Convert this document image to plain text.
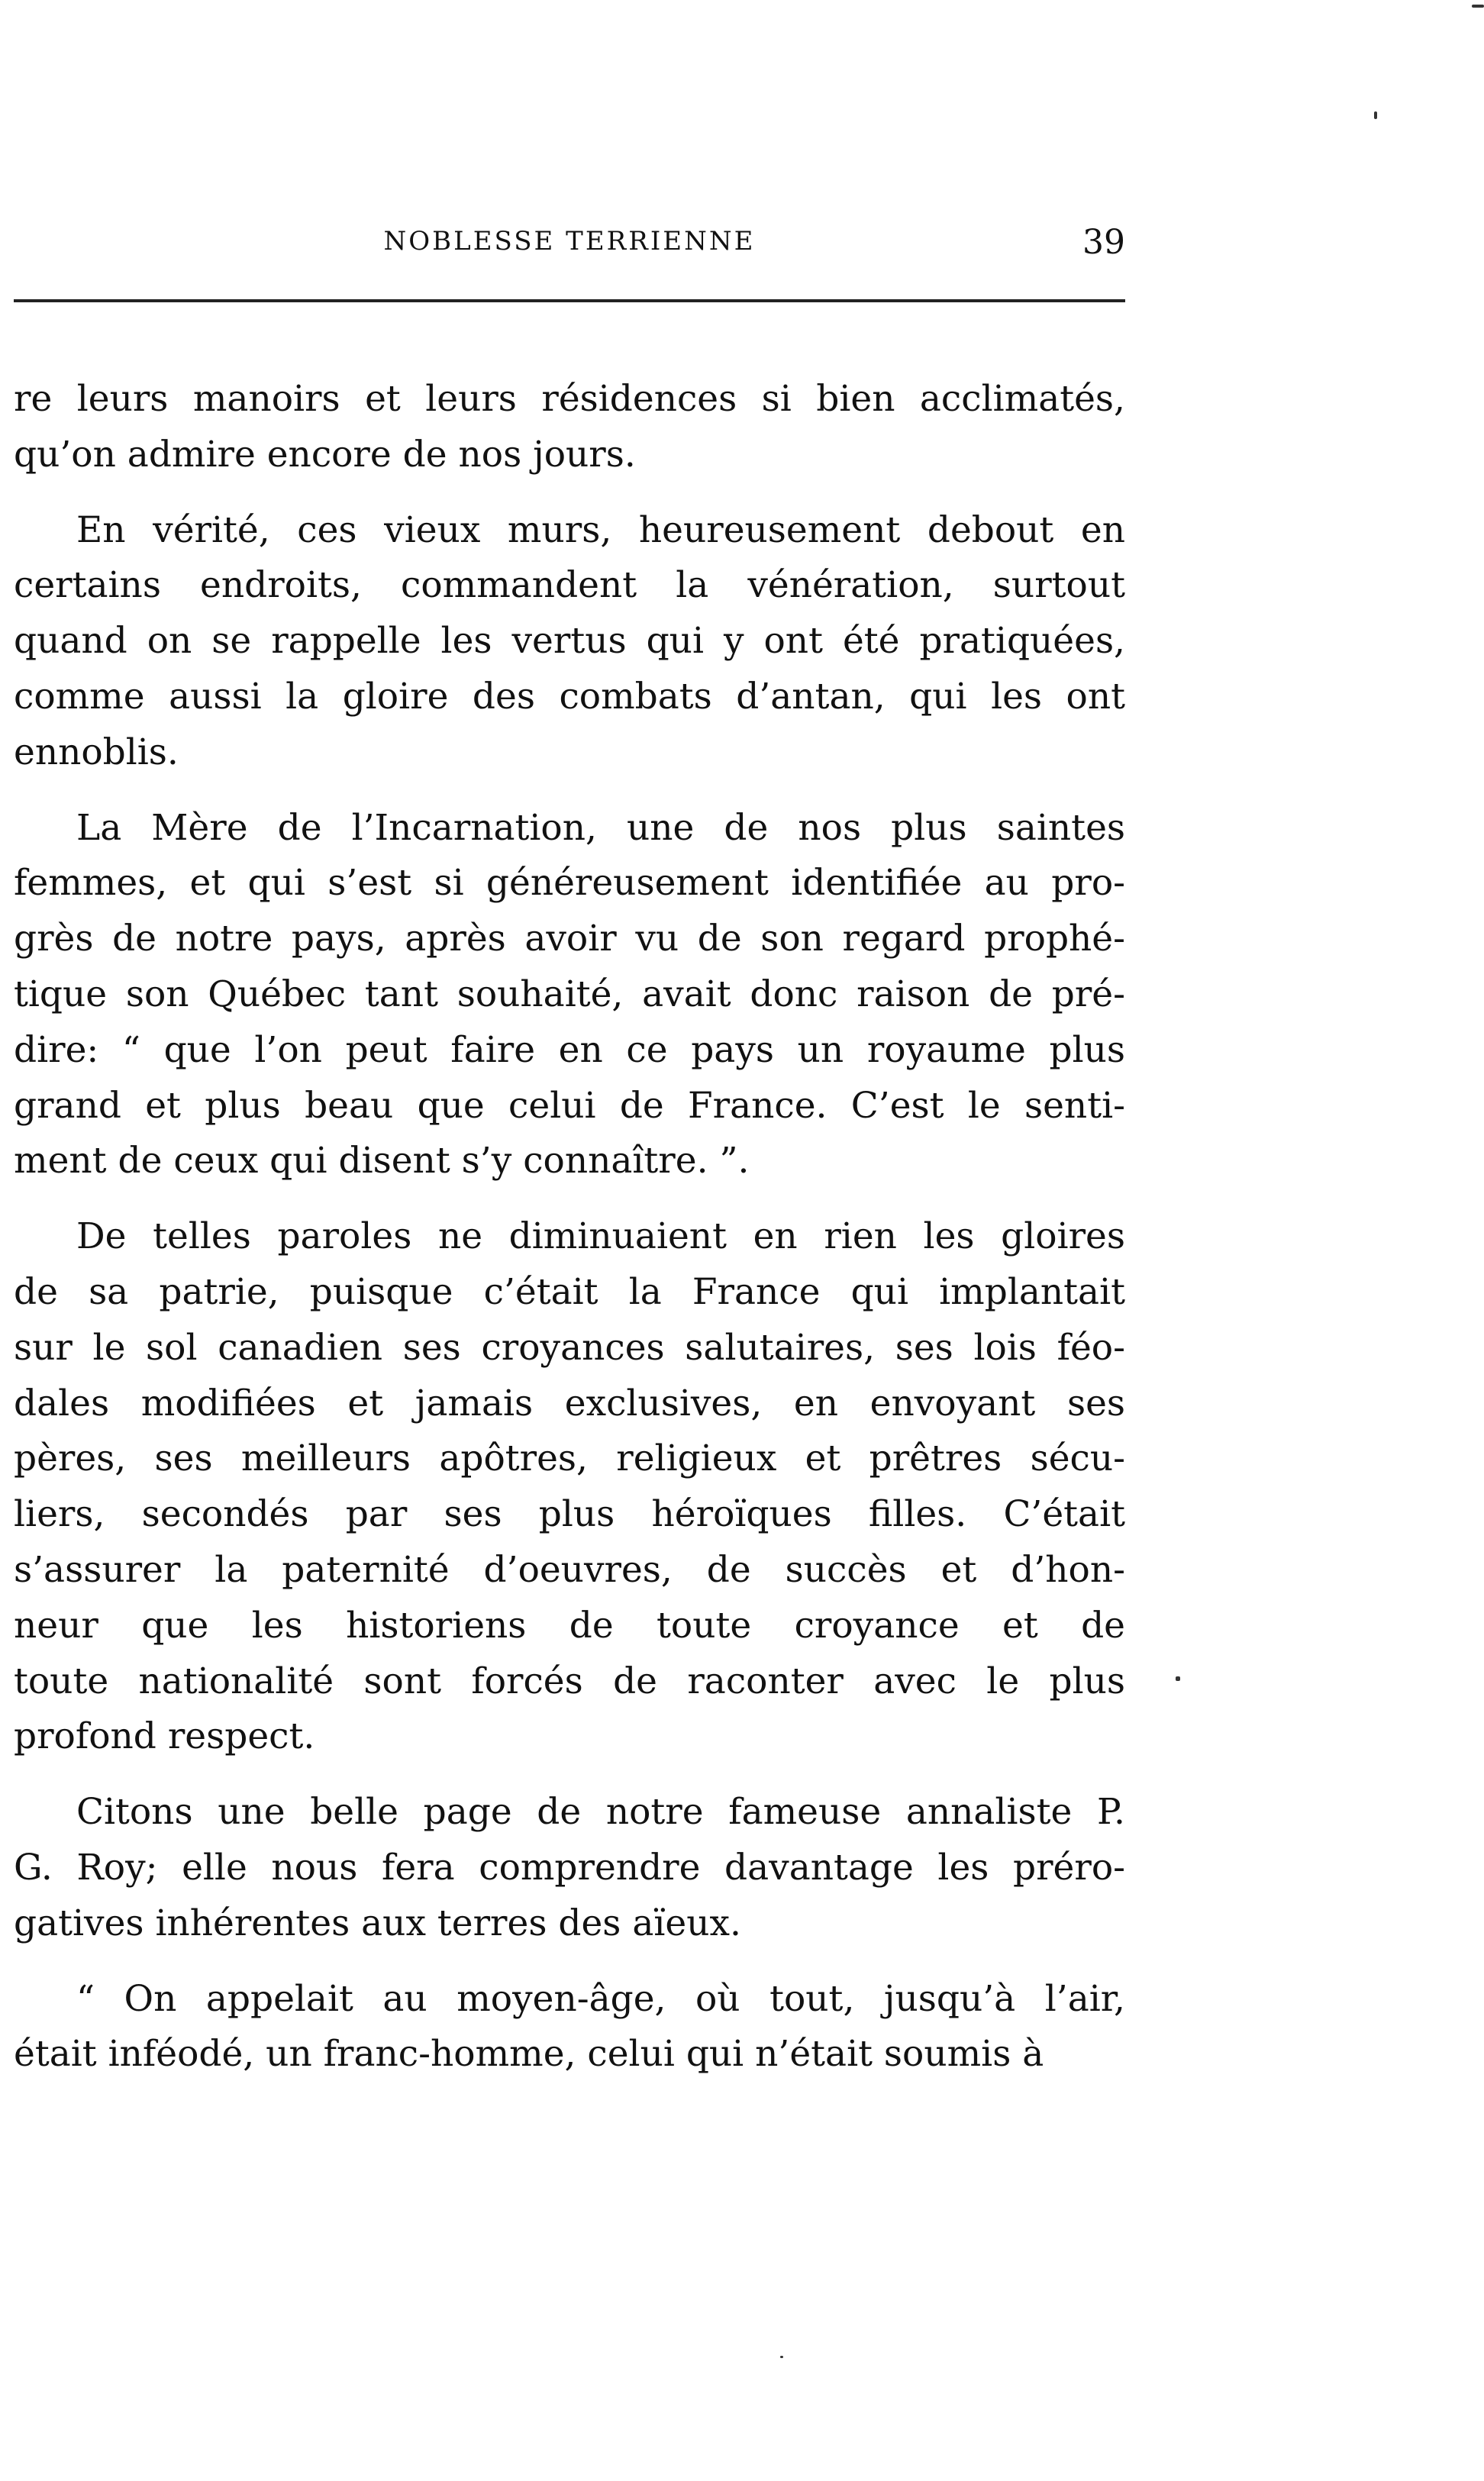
NOBLESSE TERRIENNE	39
re leurs manoirs et leurs résidences si bien acclimatés,
qu’on admire encore de nos jours.
En vérité, ces vieux murs, heureusement debout en
certains endroits, commandent la vénération, surtout
quand on se rappelle les vertus qui y ont été pratiquées,
comme aussi la gloire des combats d’antan, qui les ont
ennoblis.
La Mère de l’Incarnation, une de nos plus saintes
femmes, et qui s’est si généreusement identifiée au pro-
grès de notre pays, après avoir vu de son regard prophé-
tique son Québec tant souhaité, avait donc raison de pré-
dire: “ que l’on peut faire en ce pays un royaume plus
grand et plus beau que celui de France. C’est le senti-
ment de ceux qui disent s’y connaître. ”.
De telles paroles ne diminuaient en rien les gloires
de sa patrie, puisque c’était la France qui implantait
sur le sol canadien ses croyances salutaires, ses lois féo-
dales modifiées et jamais exclusives, en envoyant ses
pères, ses meilleurs apôtres, religieux et prêtres sécu-
liers, secondés par ses plus héroïques filles. C’était
s’assurer la paternité d’oeuvres, de succès et d’hon-
neur que les historiens de toute croyance et de
toute nationalité sont forcés de raconter avec le plus
profond respect.
Citons une belle page de notre fameuse annaliste P.
G. Roy; elle nous fera comprendre davantage les préro-
gatives inhérentes aux terres des aïeux.
“ On appelait au moyen-âge, où tout, jusqu’à l’air,
était inféodé, un franc-homme, celui qui n’était soumis à
